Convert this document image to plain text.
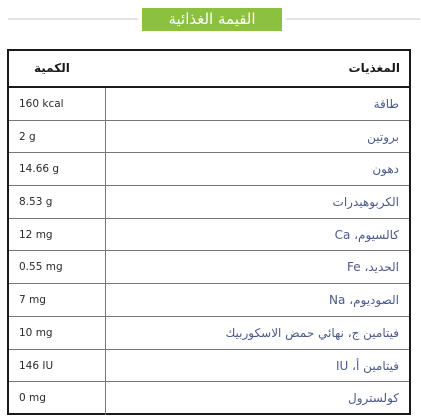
القيمة الغذائية
الكمية	المغذيات
160 kcal	طاقة
2 g	بروتين
14.66 g	دهون
8.53 g	الكربوهيدرات
12 mg	كالسيوم، Ca
0.55 mg	الحديد، Fe
7 mg	الصوديوم، Na
10 mg	فيتامين ج، نهائي حمض الاسكوربيك
146 IU	فيتامين أ، IU
0 mg	كولسترول
